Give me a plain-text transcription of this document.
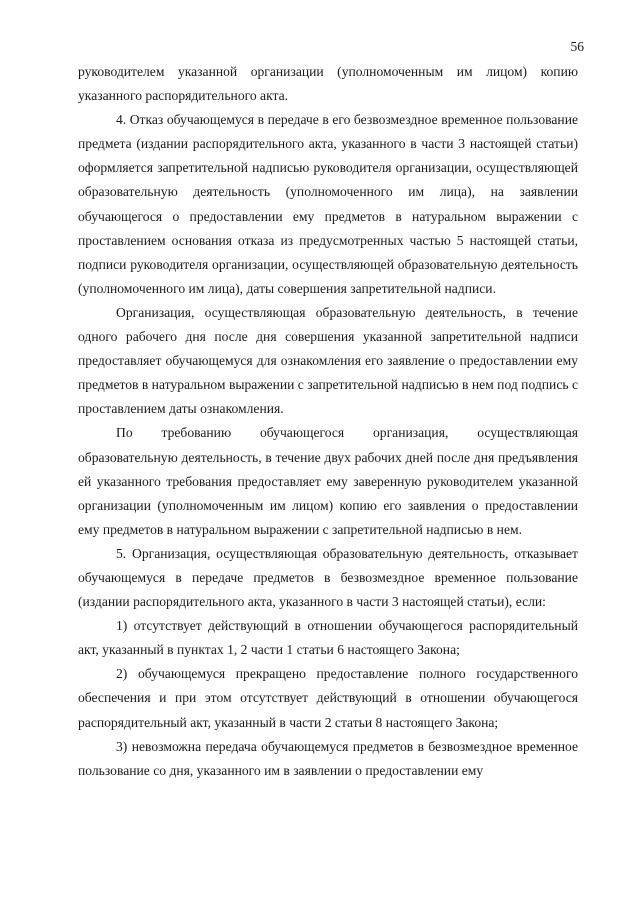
56

руководителем указанной организации (уполномоченным им лицом) копию указанного распорядительного акта.

4. Отказ обучающемуся в передаче в его безвозмездное временное пользование предмета (издании распорядительного акта, указанного в части 3 настоящей статьи) оформляется запретительной надписью руководителя организации, осуществляющей образовательную деятельность (уполномоченного им лица), на заявлении обучающегося о предоставлении ему предметов в натуральном выражении с проставлением основания отказа из предусмотренных частью 5 настоящей статьи, подписи руководителя организации, осуществляющей образовательную деятельность (уполномоченного им лица), даты совершения запретительной надписи.

Организация, осуществляющая образовательную деятельность, в течение одного рабочего дня после дня совершения указанной запретительной надписи предоставляет обучающемуся для ознакомления его заявление о предоставлении ему предметов в натуральном выражении с запретительной надписью в нем под подпись с проставлением даты ознакомления.

По требованию обучающегося организация, осуществляющая образовательную деятельность, в течение двух рабочих дней после дня предъявления ей указанного требования предоставляет ему заверенную руководителем указанной организации (уполномоченным им лицом) копию его заявления о предоставлении ему предметов в натуральном выражении с запретительной надписью в нем.

5. Организация, осуществляющая образовательную деятельность, отказывает обучающемуся в передаче предметов в безвозмездное временное пользование (издании распорядительного акта, указанного в части 3 настоящей статьи), если:

1) отсутствует действующий в отношении обучающегося распорядительный акт, указанный в пунктах 1, 2 части 1 статьи 6 настоящего Закона;

2) обучающемуся прекращено предоставление полного государственного обеспечения и при этом отсутствует действующий в отношении обучающегося распорядительный акт, указанный в части 2 статьи 8 настоящего Закона;

3) невозможна передача обучающемуся предметов в безвозмездное временное пользование со дня, указанного им в заявлении о предоставлении ему
